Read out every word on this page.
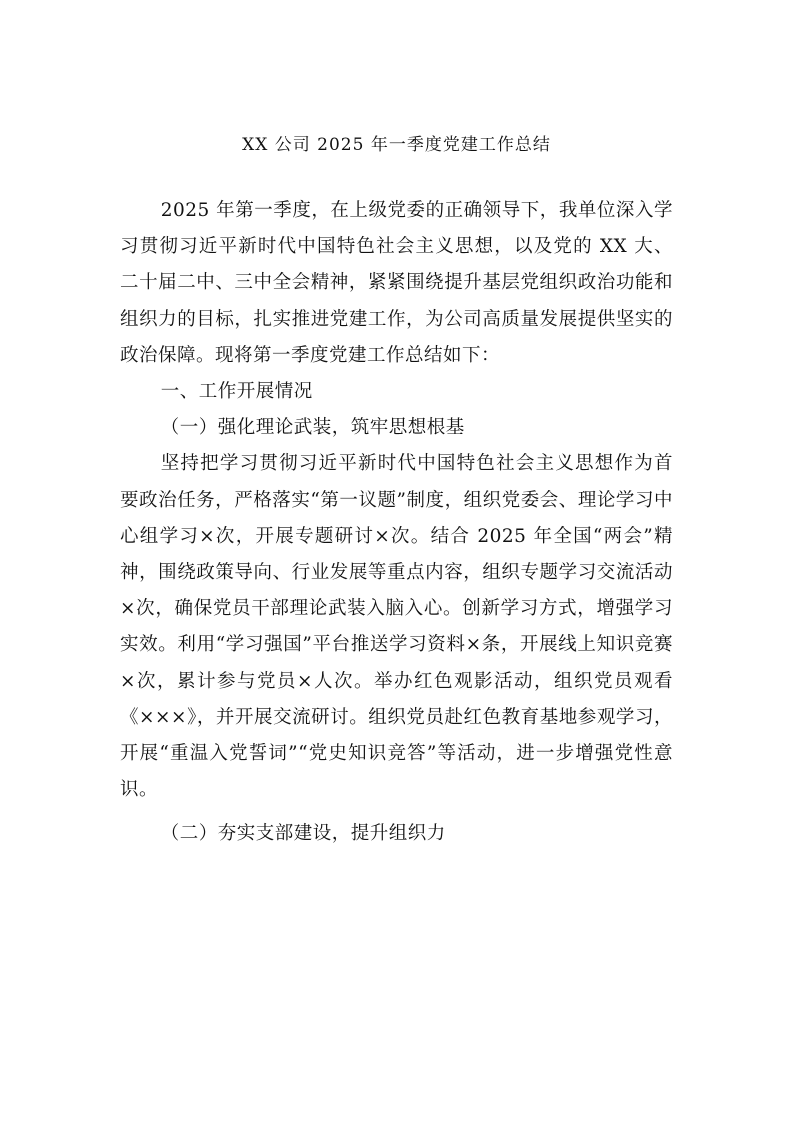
XX 公司 2025 年一季度党建工作总结

2025 年第一季度，在上级党委的正确领导下，我单位深入学习贯彻习近平新时代中国特色社会主义思想，以及党的 XX 大、二十届二中、三中全会精神，紧紧围绕提升基层党组织政治功能和组织力的目标，扎实推进党建工作，为公司高质量发展提供坚实的政治保障。现将第一季度党建工作总结如下：

一、工作开展情况

（一）强化理论武装，筑牢思想根基

坚持把学习贯彻习近平新时代中国特色社会主义思想作为首要政治任务，严格落实“第一议题”制度，组织党委会、理论学习中心组学习×次，开展专题研讨×次。结合 2025 年全国“两会”精神，围绕政策导向、行业发展等重点内容，组织专题学习交流活动×次，确保党员干部理论武装入脑入心。创新学习方式，增强学习实效。利用“学习强国”平台推送学习资料×条，开展线上知识竞赛×次，累计参与党员×人次。举办红色观影活动，组织党员观看《×××》，并开展交流研讨。组织党员赴红色教育基地参观学习，开展“重温入党誓词”“党史知识竞答”等活动，进一步增强党性意识。

（二）夯实支部建设，提升组织力
